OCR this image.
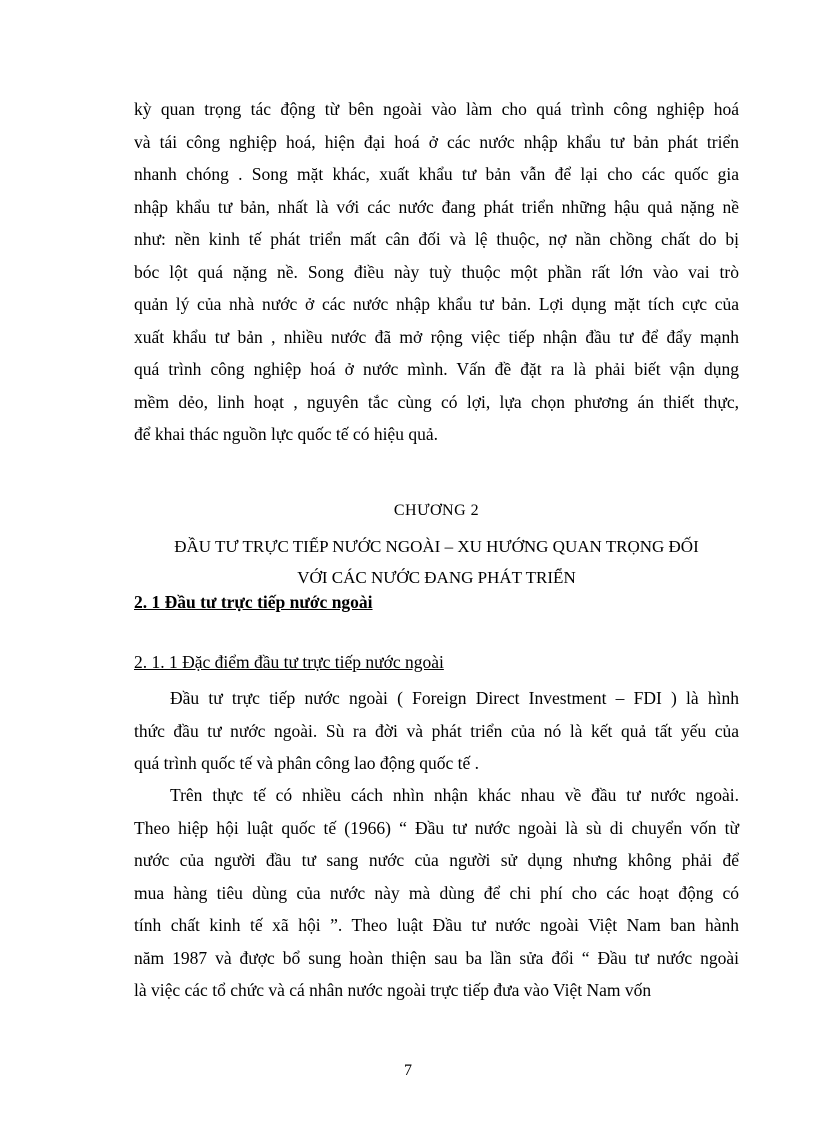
kỳ quan trọng tác động từ bên ngoài vào làm cho quá trình công nghiệp hoá
và tái công nghiệp hoá, hiện đại hoá ở các nước nhập khẩu tư bản phát triển
nhanh chóng . Song mặt khác, xuất khẩu tư bản vẫn để lại cho các quốc gia
nhập khẩu tư bản, nhất là với các nước đang phát triển những hậu quả nặng nề
như: nền kinh tế phát triển mất cân đối và lệ thuộc, nợ nần chồng chất do bị
bóc lột quá nặng nề. Song điều này tuỳ thuộc một phần rất lớn vào vai trò
quản lý của nhà nước ở các nước nhập khẩu tư bản. Lợi dụng mặt tích cực của
xuất khẩu tư bản , nhiều nước đã mở rộng việc tiếp nhận đầu tư để đẩy mạnh
quá trình công nghiệp hoá ở nước mình. Vấn đề đặt ra là phải biết vận dụng
mềm dẻo, linh hoạt , nguyên tắc cùng có lợi, lựa chọn phương án thiết thực,
để khai thác nguồn lực quốc tế có hiệu quả.
CHƯƠNG 2
ĐẦU TƯ TRỰC TIẾP NƯỚC NGOÀI – XU HƯỚNG QUAN TRỌNG ĐỐI
VỚI CÁC NƯỚC ĐANG PHÁT TRIỂN
2. 1 Đầu tư trực tiếp nước ngoài
2. 1. 1 Đặc điểm đầu tư trực tiếp nước ngoài
Đầu tư trực tiếp nước ngoài ( Foreign Direct Investment – FDI ) là hình
thức đầu tư nước ngoài. Sù ra đời và phát triển của nó là kết quả tất yếu của
quá trình quốc tế và phân công lao động quốc tế .
Trên thực tế có nhiều cách nhìn nhận khác nhau về đầu tư nước ngoài.
Theo hiệp hội luật quốc tế (1966) “ Đầu tư nước ngoài là sù di chuyển vốn từ
nước của người đầu tư sang nước của người sử dụng nhưng không phải để
mua hàng tiêu dùng của nước này mà dùng để chi phí cho các hoạt động có
tính chất kinh tế xã hội ”. Theo luật Đầu tư nước ngoài Việt Nam ban hành
năm 1987 và được bổ sung hoàn thiện sau ba lần sửa đổi “ Đầu tư nước ngoài
là việc các tổ chức và cá nhân nước ngoài trực tiếp đưa vào Việt Nam vốn
7
